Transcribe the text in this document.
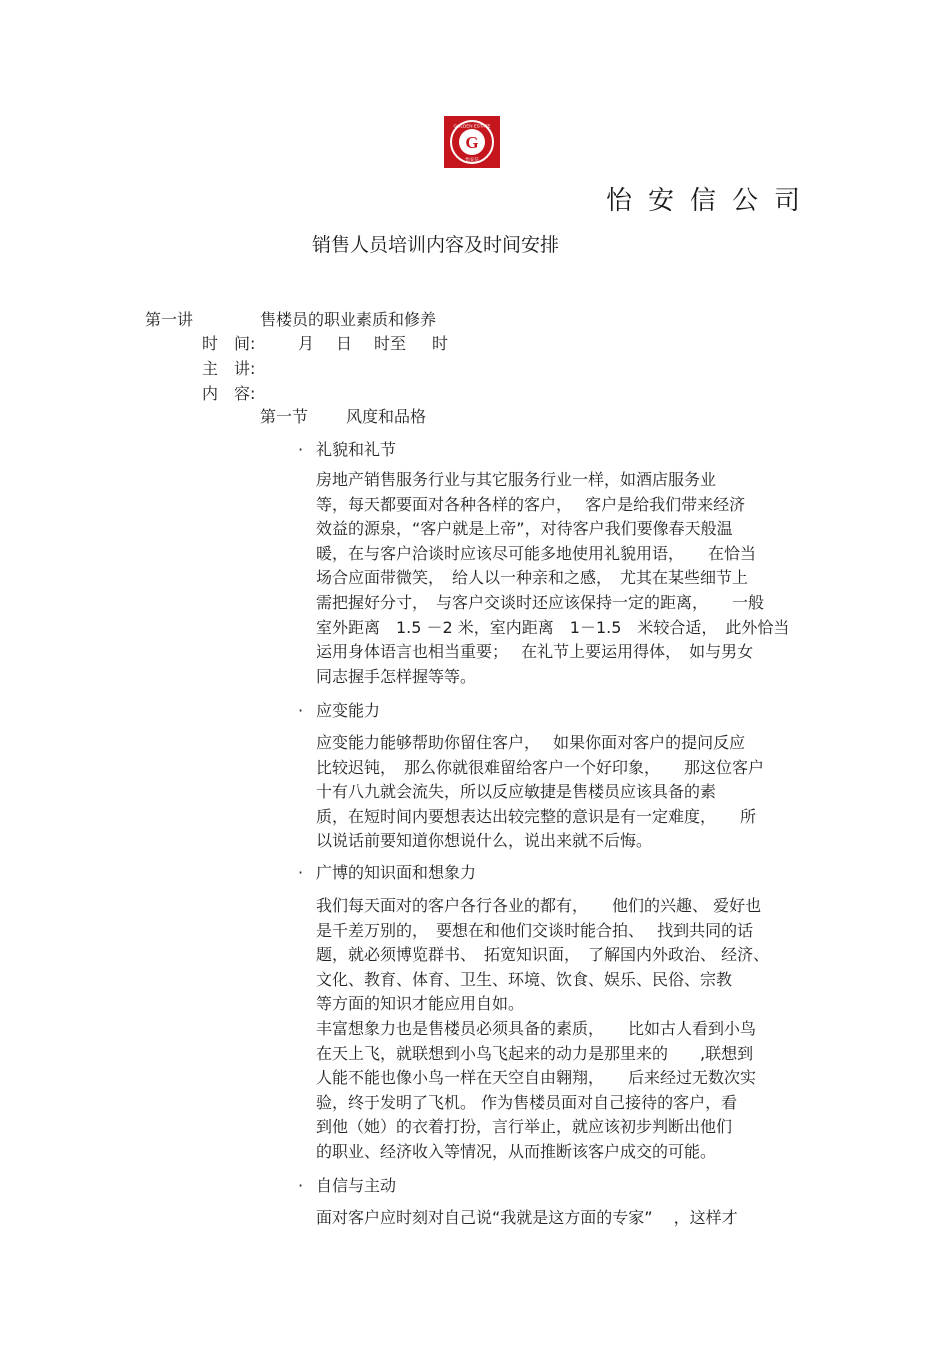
G
GOLDEN ESTATE
怡安信
怡安信公司
销售人员培训内容及时间安排
第一讲	售楼员的职业素质和修养
时　间:	月 日 时至 时
主　讲:
内　容:
第一节 风度和品格
· 礼貌和礼节
房地产销售服务行业与其它服务行业一样，如酒店服务业
等，每天都要面对各种各样的客户，　 客户是给我们带来经济
效益的源泉，“客户就是上帝”，对待客户我们要像春天般温
暖，在与客户洽谈时应该尽可能多地使用礼貌用语，　　在恰当
场合应面带微笑，　给人以一种亲和之感，　尤其在某些细节上
需把握好分寸，　与客户交谈时还应该保持一定的距离，　　一般
室外距离　1.5 －2 米，室内距离　1－1.5　米较合适，　此外恰当
运用身体语言也相当重要；　 在礼节上要运用得体，　如与男女
同志握手怎样握等等。
· 应变能力
应变能力能够帮助你留住客户，　 如果你面对客户的提问反应
比较迟钝，　那么你就很难留给客户一个好印象，　　那这位客户
十有八九就会流失，所以反应敏捷是售楼员应该具备的素
质，在短时间内要想表达出较完整的意识是有一定难度，　　所
以说话前要知道你想说什么，说出来就不后悔。
· 广博的知识面和想象力
我们每天面对的客户各行各业的都有，　　他们的兴趣、 爱好也
是千差万别的，　要想在和他们交谈时能合拍、　 找到共同的话
题，就必须博览群书、　拓宽知识面，　了解国内外政治、 经济、
文化、教育、体育、卫生、环境、饮食、娱乐、民俗、宗教
等方面的知识才能应用自如。
丰富想象力也是售楼员必须具备的素质，　　比如古人看到小鸟
在天上飞，就联想到小鸟飞起来的动力是那里来的　　,联想到
人能不能也像小鸟一样在天空自由翱翔，　　后来经过无数次实
验，终于发明了飞机。 作为售楼员面对自己接待的客户，看
到他（她）的衣着打扮，言行举止，就应该初步判断出他们
的职业、经济收入等情况，从而推断该客户成交的可能。
· 自信与主动
面对客户应时刻对自己说“我就是这方面的专家”　 ，这样才
